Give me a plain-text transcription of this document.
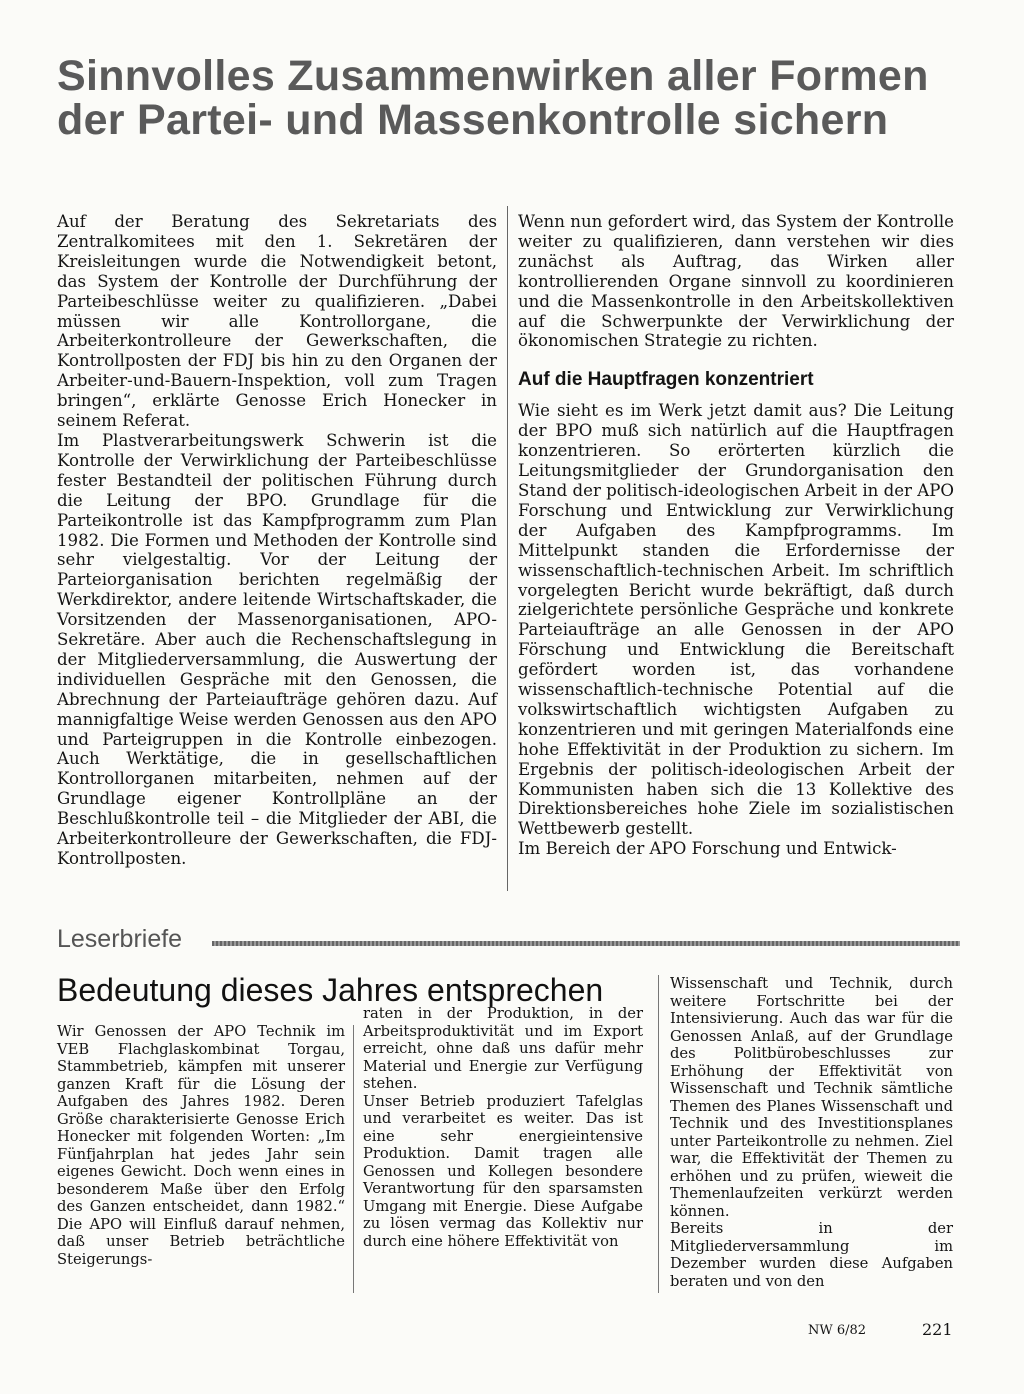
Sinnvolles Zusammenwirken aller Formen der Partei- und Massenkontrolle sichern

Auf der Beratung des Sekretariats des Zentralkomitees mit den 1. Sekretären der Kreisleitungen wurde die Notwendigkeit betont, das System der Kontrolle der Durchführung der Parteibeschlüsse weiter zu qualifizieren. „Dabei müssen wir alle Kontrollorgane, die Arbeiterkontrolleure der Gewerkschaften, die Kontrollposten der FDJ bis hin zu den Organen der Arbeiter-und-Bauern-Inspektion, voll zum Tragen bringen“, erklärte Genosse Erich Honecker in seinem Referat.

Im Plastverarbeitungswerk Schwerin ist die Kontrolle der Verwirklichung der Parteibeschlüsse fester Bestandteil der politischen Führung durch die Leitung der BPO. Grundlage für die Parteikontrolle ist das Kampfprogramm zum Plan 1982. Die Formen und Methoden der Kontrolle sind sehr vielgestaltig. Vor der Leitung der Parteiorganisation berichten regelmäßig der Werkdirektor, andere leitende Wirtschaftskader, die Vorsitzenden der Massenorganisationen, APO-Sekretäre. Aber auch die Rechenschaftslegung in der Mitgliederversammlung, die Auswertung der individuellen Gespräche mit den Genossen, die Abrechnung der Parteiaufträge gehören dazu. Auf mannigfaltige Weise werden Genossen aus den APO und Parteigruppen in die Kontrolle einbezogen. Auch Werktätige, die in gesellschaftlichen Kontrollorganen mitarbeiten, nehmen auf der Grundlage eigener Kontrollpläne an der Beschlußkontrolle teil – die Mitglieder der ABI, die Arbeiterkontrolleure der Gewerkschaften, die FDJ-Kontrollposten.

Wenn nun gefordert wird, das System der Kontrolle weiter zu qualifizieren, dann verstehen wir dies zunächst als Auftrag, das Wirken aller kontrollierenden Organe sinnvoll zu koordinieren und die Massenkontrolle in den Arbeitskollektiven auf die Schwerpunkte der Verwirklichung der ökonomischen Strategie zu richten.

Auf die Hauptfragen konzentriert

Wie sieht es im Werk jetzt damit aus? Die Leitung der BPO muß sich natürlich auf die Hauptfragen konzentrieren. So erörterten kürzlich die Leitungsmitglieder der Grundorganisation den Stand der politisch-ideologischen Arbeit in der APO Forschung und Entwicklung zur Verwirklichung der Aufgaben des Kampfprogramms. Im Mittelpunkt standen die Erfordernisse der wissenschaftlich-technischen Arbeit. Im schriftlich vorgelegten Bericht wurde bekräftigt, daß durch zielgerichtete persönliche Gespräche und konkrete Parteiaufträge an alle Genossen in der APO Förschung und Entwicklung die Bereitschaft gefördert worden ist, das vorhandene wissenschaftlich-technische Potential auf die volkswirtschaftlich wichtigsten Aufgaben zu konzentrieren und mit geringen Materialfonds eine hohe Effektivität in der Produktion zu sichern. Im Ergebnis der politisch-ideologischen Arbeit der Kommunisten haben sich die 13 Kollektive des Direktionsbereiches hohe Ziele im sozialistischen Wettbewerb gestellt.

Im Bereich der APO Forschung und Entwick-

Leserbriefe
Bedeutung dieses Jahres entsprechen

Wir Genossen der APO Technik im VEB Flachglaskombinat Torgau, Stammbetrieb, kämpfen mit unserer ganzen Kraft für die Lösung der Aufgaben des Jahres 1982. Deren Größe charakterisierte Genosse Erich Honecker mit folgenden Worten: „Im Fünfjahrplan hat jedes Jahr sein eigenes Gewicht. Doch wenn eines in besonderem Maße über den Erfolg des Ganzen entscheidet, dann 1982.“ Die APO will Einfluß darauf nehmen, daß unser Betrieb beträchtliche Steigerungs-

raten in der Produktion, in der Arbeitsproduktivität und im Export erreicht, ohne daß uns dafür mehr Material und Energie zur Verfügung stehen.

Unser Betrieb produziert Tafelglas und verarbeitet es weiter. Das ist eine sehr energieintensive Produktion. Damit tragen alle Genossen und Kollegen besondere Verantwortung für den sparsamsten Umgang mit Energie. Diese Aufgabe zu lösen vermag das Kollektiv nur durch eine höhere Effektivität von

Wissenschaft und Technik, durch weitere Fortschritte bei der Intensivierung. Auch das war für die Genossen Anlaß, auf der Grundlage des Politbürobeschlusses zur Erhöhung der Effektivität von Wissenschaft und Technik sämtliche Themen des Planes Wissenschaft und Technik und des Investitionsplanes unter Parteikontrolle zu nehmen. Ziel war, die Effektivität der Themen zu erhöhen und zu prüfen, wieweit die Themenlaufzeiten verkürzt werden können.

Bereits in der Mitgliederversammlung im Dezember wurden diese Aufgaben beraten und von den

NW 6/82	221
